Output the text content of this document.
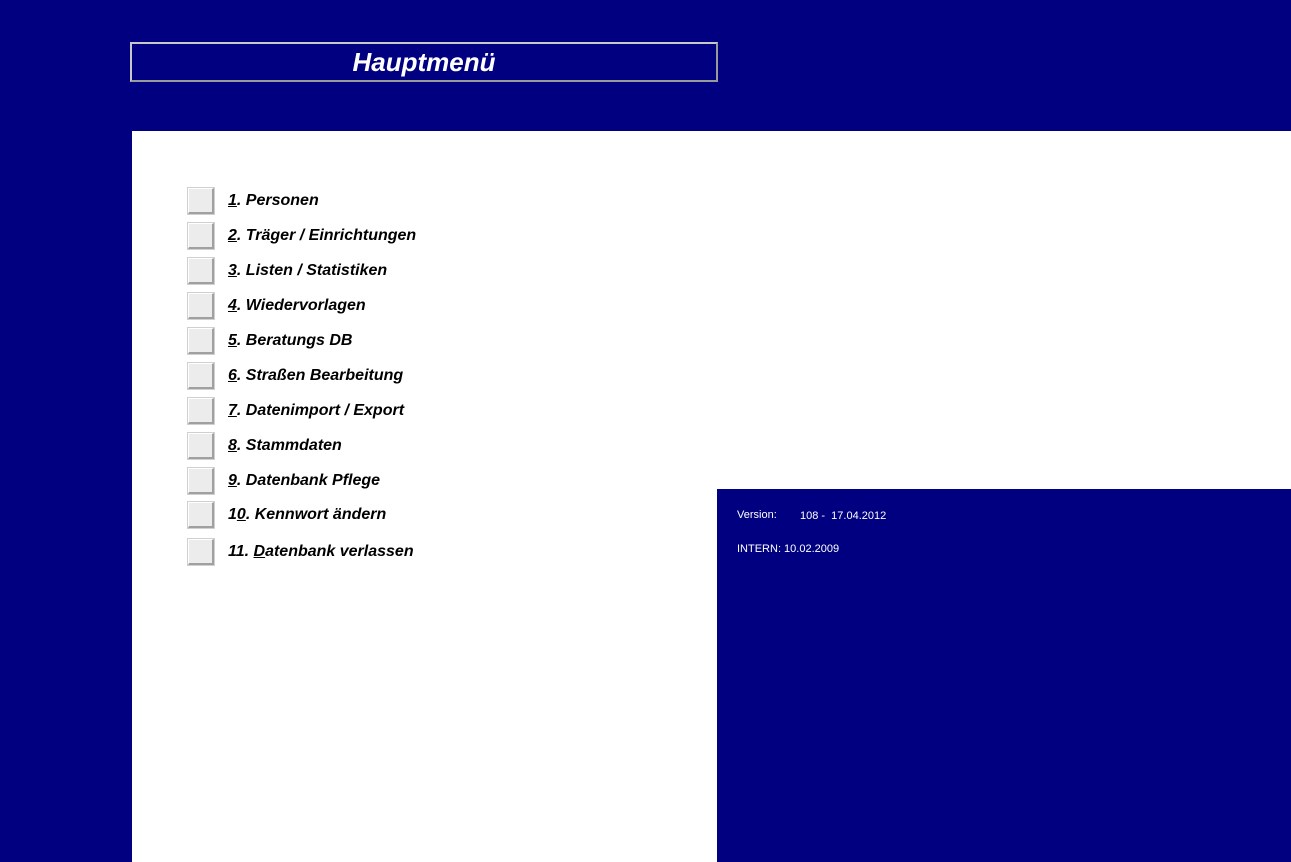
Hauptmenü
1. Personen
2. Träger / Einrichtungen
3. Listen / Statistiken
4. Wiedervorlagen
5. Beratungs DB
6. Straßen Bearbeitung
7. Datenimport / Export
8. Stammdaten
9. Datenbank Pflege
10. Kennwort ändern
11. Datenbank verlassen
Version: 108 -  17.04.2012
INTERN: 10.02.2009
